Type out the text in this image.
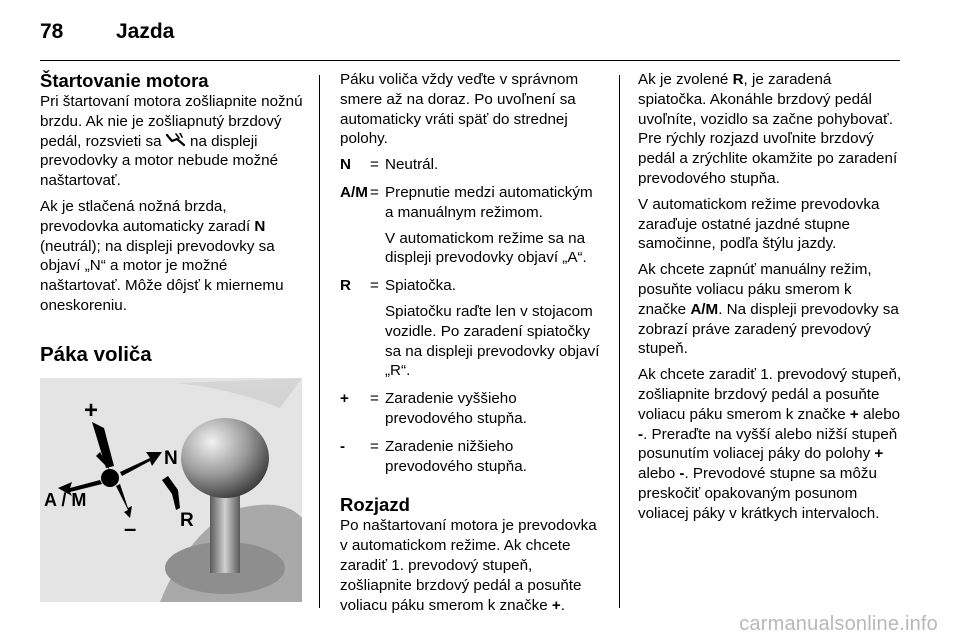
78	Jazda
Štartovanie motora

Pri štartovaní motora zošliapnite nožnú brzdu. Ak nie je zošliapnutý brzdový pedál, rozsvieti sa  na displeji prevodovky a motor nebude možné naštartovať.

Ak je stlačená nožná brzda, prevodovka automaticky zaradí N (neutrál); na displeji prevodovky sa objaví „N“ a motor je možné naštartovať. Môže dôjsť k miernemu oneskoreniu.

Páka voliča
+
N
A / M
– R

Páku voliča vždy veďte v správnom smere až na doraz. Po uvoľnení sa automaticky vráti späť do strednej polohy.

N	= Neutrál.

A/M = Prepnutie medzi automatickým a manuálnym režimom.

V automatickom režime sa na displeji prevodovky objaví „A“.

R	= Spiatočka.

Spiatočku raďte len v stojacom vozidle. Po zaradení spiatočky sa na displeji prevodovky objaví „R“.

+	= Zaradenie vyššieho prevodového stupňa.

-	= Zaradenie nižšieho prevodového stupňa.

Rozjazd

Po naštartovaní motora je prevodovka v automatickom režime. Ak chcete zaradiť 1. prevodový stupeň, zošliapnite brzdový pedál a posuňte voliacu páku smerom k značke +.

Ak je zvolené R, je zaradená spiatočka. Akonáhle brzdový pedál uvoľníte, vozidlo sa začne pohybovať. Pre rýchly rozjazd uvoľnite brzdový pedál a zrýchlite okamžite po zaradení prevodového stupňa.

V automatickom režime prevodovka zaraďuje ostatné jazdné stupne samočinne, podľa štýlu jazdy.

Ak chcete zapnúť manuálny režim, posuňte voliacu páku smerom k značke A/M. Na displeji prevodovky sa zobrazí práve zaradený prevodový stupeň.

Ak chcete zaradiť 1. prevodový stupeň, zošliapnite brzdový pedál a posuňte voliacu páku smerom k značke + alebo -. Preraďte na vyšší alebo nižší stupeň posunutím voliacej páky do polohy + alebo -. Prevodové stupne sa môžu preskočiť opakovaným posunom voliacej páky v krátkych intervaloch.

carmanualsonline.info
